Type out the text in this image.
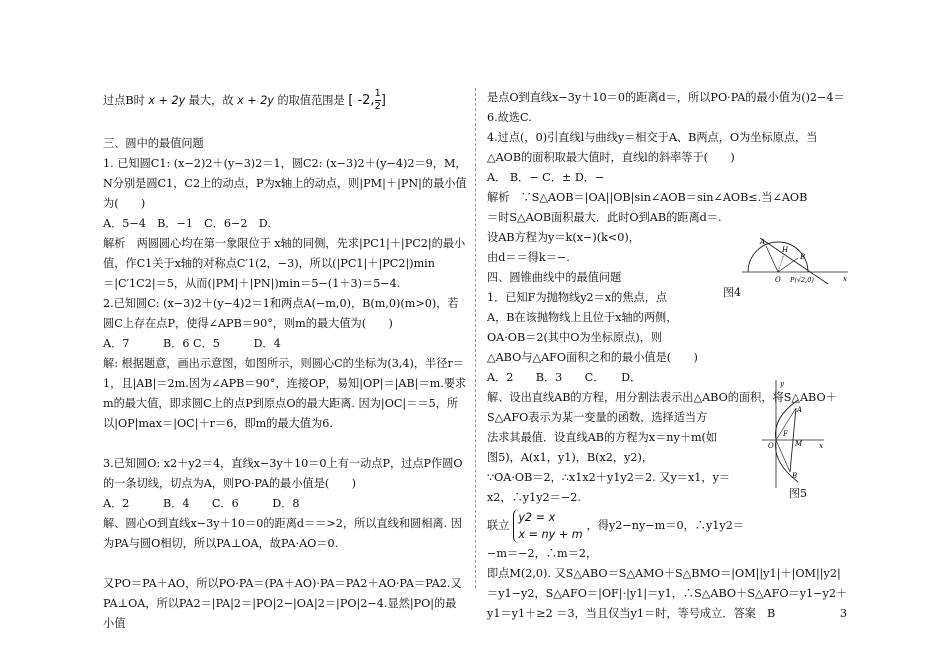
过点B时 x + 2y 最大，故 x + 2y 的取值范围是 [ -2, $\frac{1}{2}$]

三、圆中的最值问题

1. 已知圆C1: (x−2)2＋(y−3)2＝1，圆C2: (x−3)2＋(y−4)2＝9，M，N分别是圆C1，C2上的动点，P为x轴上的动点，则|PM|＋|PN|的最小值为(　　)

A．5−4　B．−1　C．6−2　D.

解析　两圆圆心均在第一象限位于 x轴的同侧，先求|PC1|＋|PC2|的最小值，作C1关于x轴的对称点C′1(2，−3)，所以(|PC1|＋|PC2|)min＝|C′1C2|＝5，从而(|PM|＋|PN|)min＝5−(1＋3)＝5−4.

2.已知圆C: (x−3)2＋(y−4)2＝1和两点A(−m,0)，B(m,0)(m>0)，若圆C上存在点P，使得∠APB＝90°，则m的最大值为(　　)

A．7　　　B．6 C．5　　　D．4

解: 根据题意，画出示意图，如图所示，则圆心C的坐标为(3,4)，半径r＝1，且|AB|＝2m.因为∠APB＝90°，连接OP，易知|OP|＝|AB|＝m.要求m的最大值，即求圆C上的点P到原点O的最大距离. 因为|OC|＝＝5，所以|OP|max＝|OC|＋r＝6，即m的最大值为6.

3.已知圆O: x2＋y2＝4，直线x−3y＋10＝0上有一动点P，过点P作圆O的一条切线，切点为A，则PO·PA的最小值是(　　)

A．2　　　B．4　　C．6　　　D．8

解、圆心O到直线x−3y＋10＝0的距离d＝＝>2，所以直线和圆相离. 因为PA与圆O相切，所以PA⊥OA，故PA·AO＝0.

又PO＝PA＋AO，所以PO·PA＝(PA＋AO)·PA＝PA2＋AO·PA＝PA2.又PA⊥OA，所以PA2＝|PA|2＝|PO|2−|OA|2＝|PO|2−4.显然|PO|的最小值

是点O到直线x−3y＋10＝0的距离d＝，所以PO·PA的最小值为()2−4＝6.故选C.

4.过点(，0)引直线l与曲线y＝相交于A、B两点，O为坐标原点，当△AOB的面积取最大值时，直线l的斜率等于(　　)

A． B．− C．± D．−

解析　∵S△AOB＝|OA||OB|sin∠AOB＝sin∠AOB≤.当∠AOB＝时S△AOB面积最大．此时O到AB的距离d＝.

设AB方程为y＝k(x−)(k<0)，

由d＝＝得k＝−.

四、圆锥曲线中的最值问题

1．已知F为抛物线y2＝x的焦点，点

A，B在该抛物线上且位于x轴的两侧，

OA·OB＝2(其中O为坐标原点)，则

△ABO与△AFO面积之和的最小值是(　　)

A．2　　B．3　　C．　　D．

解、设出直线AB的方程，用分割法表示出△ABO的面积，将S△ABO＋S△AFO表示为某一变量的函数，选择适当方

法求其最值．设直线AB的方程为x＝ny＋m(如

图5)，A(x1，y1)，B(x2，y2)，

∵OA·OB＝2，∴x1x2＋y1y2＝2. 又y＝x1，y＝

x2，∴y1y2＝−2.

联立y2 = x
x = ny + m，得y2−ny−m＝0，∴y1y2＝

−m＝−2，∴m＝2，

即点M(2,0). 又S△ABO＝S△AMO＋S△BMO＝|OM||y1|＋|OM||y2|＝y1−y2，S△AFO＝|OF|·|y1|＝y1，∴S△ABO＋S△AFO＝y1−y2＋y1＝y1＋≥2 ＝3，当且仅当y1＝时，等号成立．答案　B

A
H
B
O P(√2,0)	x
图4
y
A
F
M
B
O	x
图5
3
